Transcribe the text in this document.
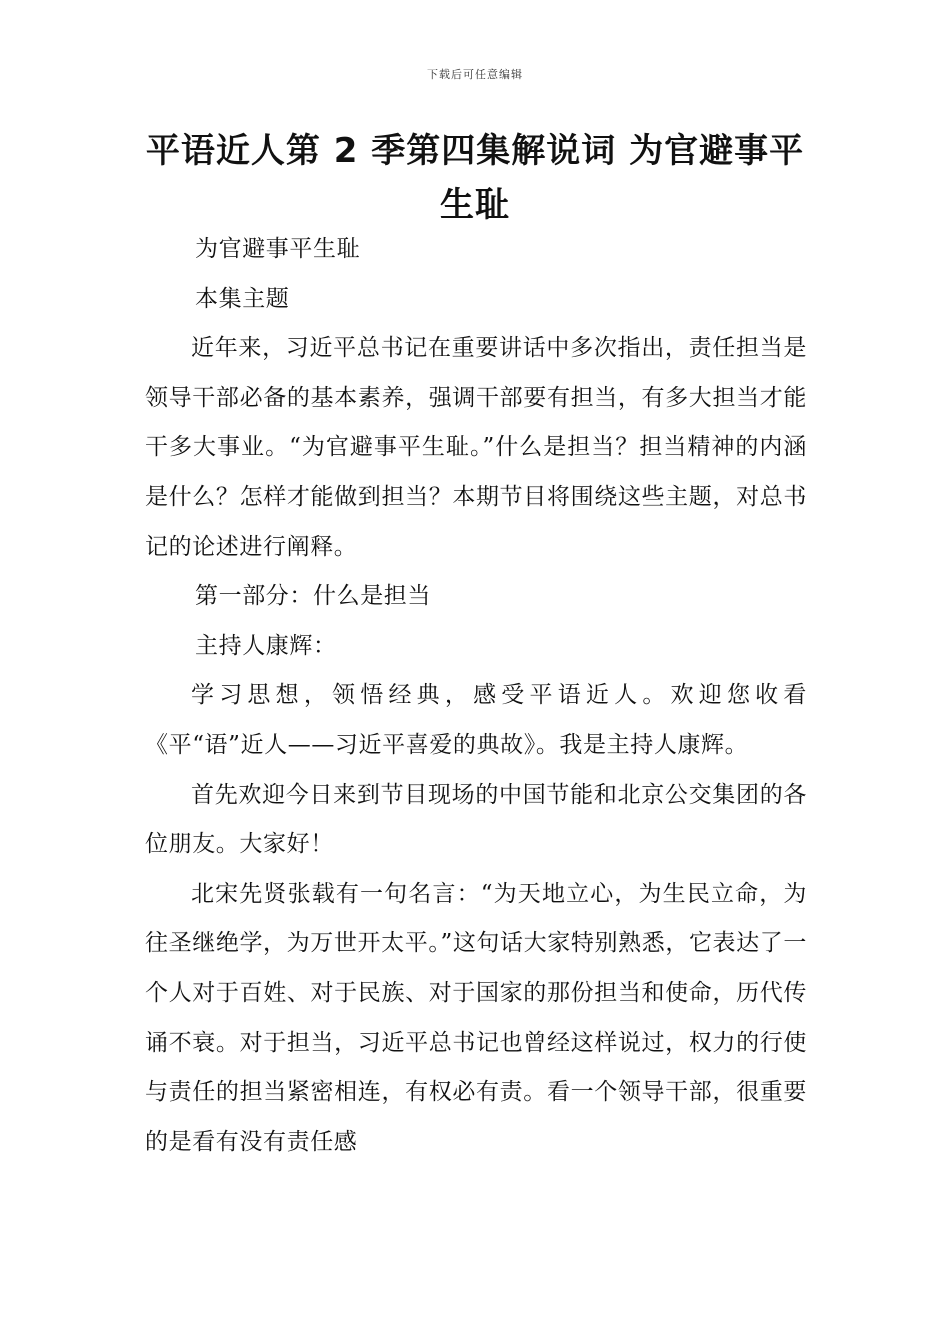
下载后可任意编辑
平语近人第 2 季第四集解说词 为官避事平生耻

为官避事平生耻

本集主题

近年来，习近平总书记在重要讲话中多次指出，责任担当是领导干部必备的基本素养，强调干部要有担当，有多大担当才能干多大事业。“为官避事平生耻。”什么是担当？担当精神的内涵是什么？怎样才能做到担当？本期节目将围绕这些主题，对总书记的论述进行阐释。

第一部分：什么是担当

主持人康辉：

学习思想，领悟经典，感受平语近人。欢迎您收看《平“语”近人——习近平喜爱的典故》。我是主持人康辉。

首先欢迎今日来到节目现场的中国节能和北京公交集团的各位朋友。大家好！

北宋先贤张载有一句名言：“为天地立心，为生民立命，为往圣继绝学，为万世开太平。”这句话大家特别熟悉，它表达了一个人对于百姓、对于民族、对于国家的那份担当和使命，历代传诵不衰。对于担当，习近平总书记也曾经这样说过，权力的行使与责任的担当紧密相连，有权必有责。看一个领导干部，很重要的是看有没有责任感
